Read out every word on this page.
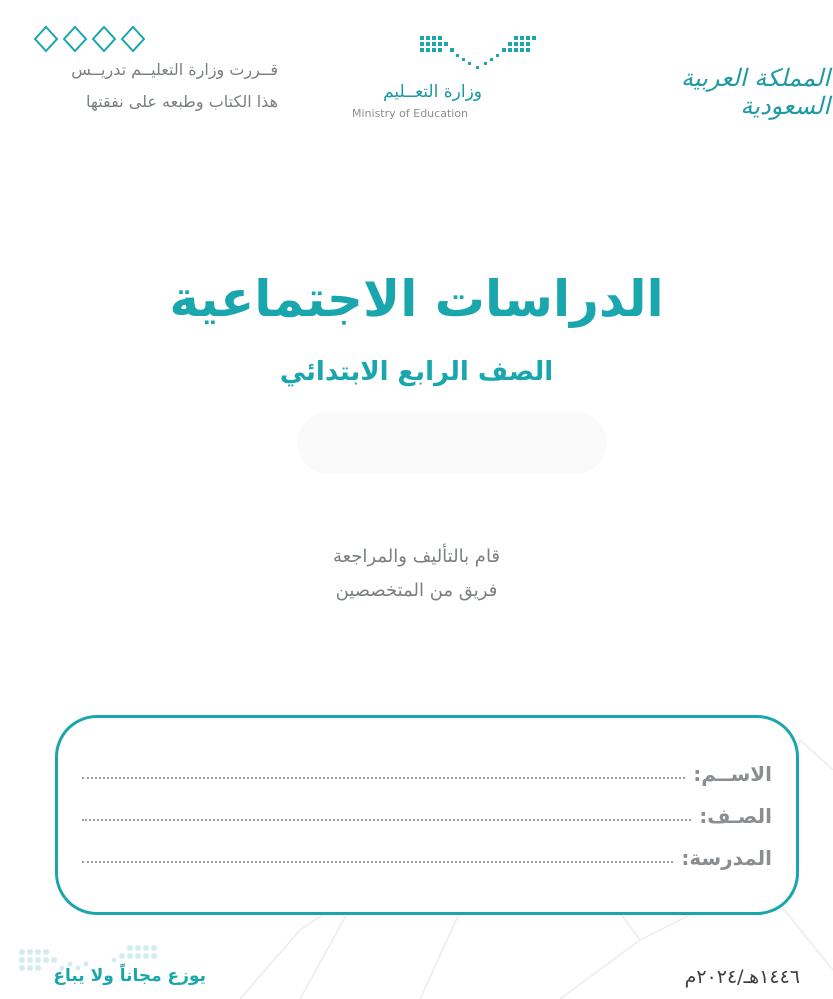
قــررت وزارة التعليــم تدريــس
هذا الكتاب وطبعه على نفقتها	وزارة التعــليم
Ministry of Education
المملكة العربية السعودية
الدراسات الاجتماعية
الصف الرابع الابتدائي
قام بالتأليف والمراجعة
فريق من المتخصصين
الاســم:
الصـف:
المدرسة:
يوزع مجاناً ولا يباع	١٤٤٦هـ/٢٠٢٤م
